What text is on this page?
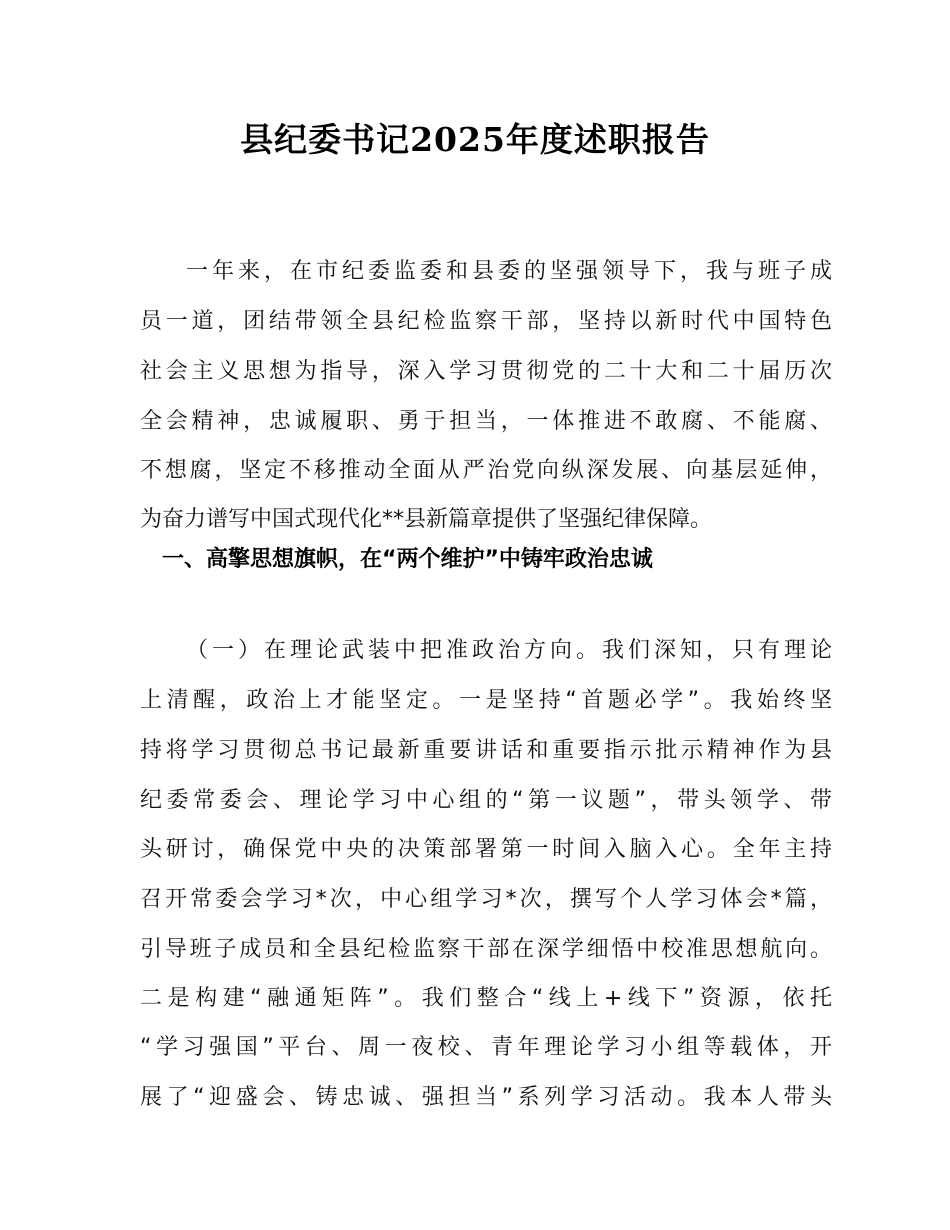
县纪委书记2025年度述职报告
一年来，在市纪委监委和县委的坚强领导下，我与班子成
员一道，团结带领全县纪检监察干部，坚持以新时代中国特色
社会主义思想为指导，深入学习贯彻党的二十大和二十届历次
全会精神，忠诚履职、勇于担当，一体推进不敢腐、不能腐、
不想腐，坚定不移推动全面从严治党向纵深发展、向基层延伸，
为奋力谱写中国式现代化**县新篇章提供了坚强纪律保障。
一、高擎思想旗帜，在“两个维护”中铸牢政治忠诚
（一）在理论武装中把准政治方向。我们深知，只有理论
上清醒，政治上才能坚定。一是坚持“首题必学”。我始终坚
持将学习贯彻总书记最新重要讲话和重要指示批示精神作为县
纪委常委会、理论学习中心组的“第一议题”，带头领学、带
头研讨，确保党中央的决策部署第一时间入脑入心。全年主持
召开常委会学习*次，中心组学习*次，撰写个人学习体会*篇，
引导班子成员和全县纪检监察干部在深学细悟中校准思想航向。
二是构建“融通矩阵”。我们整合“线上+线下”资源，依托
“学习强国”平台、周一夜校、青年理论学习小组等载体，开
展了“迎盛会、铸忠诚、强担当”系列学习活动。我本人带头
